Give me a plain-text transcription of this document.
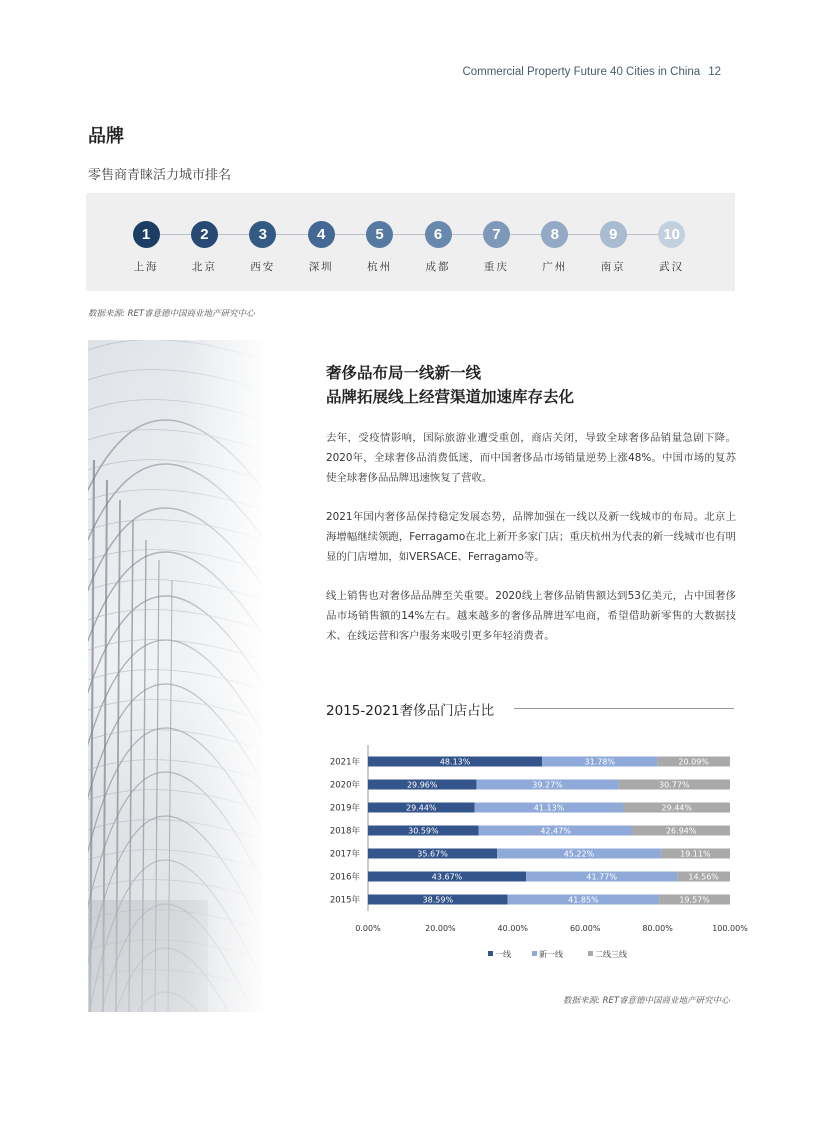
Commercial Property Future 40 Cities in China 12
品牌
零售商青睐活力城市排名
1
上海
2
北京
3
西安
4
深圳
5
杭州
6
成都
7
重庆
8
广州
9
南京
10
武汉
数据来源: RET睿意德中国商业地产研究中心
奢侈品布局一线新一线
品牌拓展线上经营渠道加速库存去化
去年，受疫情影响，国际旅游业遭受重创，商店关闭，导致全球奢侈品销量急剧下降。2020年，全球奢侈品消费低迷，而中国奢侈品市场销量逆势上涨48%。中国市场的复苏使全球奢侈品品牌迅速恢复了营收。
2021年国内奢侈品保持稳定发展态势，品牌加强在一线以及新一线城市的布局。北京上海增幅继续领跑，Ferragamo在北上新开多家门店；重庆杭州为代表的新一线城市也有明显的门店增加，如VERSACE、Ferragamo等。
线上销售也对奢侈品品牌至关重要。2020线上奢侈品销售额达到53亿美元，占中国奢侈品市场销售额的14%左右。越来越多的奢侈品牌进军电商，希望借助新零售的大数据技术、在线运营和客户服务来吸引更多年轻消费者。
2015-2021奢侈品门店占比
2021年	48.13%	31.78%	20.09%
2020年	29.96%	39.27%	30.77%
2019年	29.44%	41.13%	29.44%
2018年	30.59%	42.47%	26.94%
2017年	35.67%	45.22%	19.11%
2016年	43.67%	41.77%	14.56%
2015年	38.59%	41.85%	19.57%
0.00%	20.00%	40.00%	60.00%	80.00%	100.00%
一线	新一线	二线三线
数据来源: RET睿意德中国商业地产研究中心
